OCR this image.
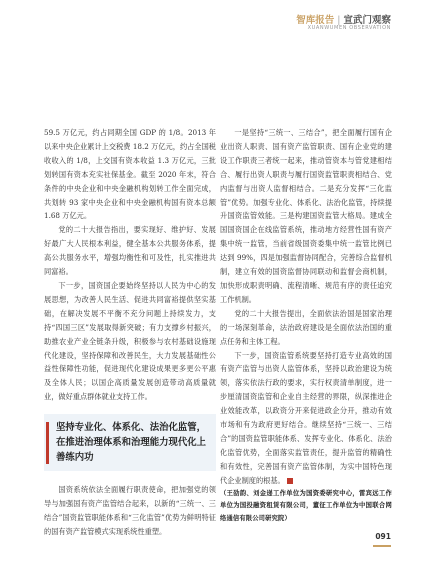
智库报告 | 宣武门观察
XUANWUMEN OBSERVATION

59.5 万亿元，约占同期全国 GDP 的 1/8。2013 年以来中央企业累计上交税费 18.2 万亿元，约占全国税收收入的 1/8，上交国有资本收益 1.3 万亿元，三批划转国有资本充实社保基金。截至 2020 年末，符合条件的中央企业和中央金融机构划转工作全面完成，共划转 93 家中央企业和中央金融机构国有资本总额 1.68 万亿元。

党的二十大报告指出，要实现好、维护好、发展好最广大人民根本利益，健全基本公共服务体系，提高公共服务水平，增强均衡性和可及性，扎实推进共同富裕。

下一步，国资国企要始终坚持以人民为中心的发展思想，为改善人民生活、促进共同富裕提供坚实基础，在解决发展不平衡不充分问题上持续发力，支持“四国三区”发展取得新突破；有力支撑乡村振兴，助推农业产业全链条升级，积极参与农村基础设施现代化建设，坚持保障和改善民生，大力发展基础性公益性保障性功能，促进现代化建设成果更多更公平惠及全体人民；以国企高质量发展创造带动高质量就业，做好重点群体就业支持工作。

坚持专业化、体系化、法治化监管，在推进治理体系和治理能力现代化上善练内功

国资系统依法全面履行职责使命，把加强党的领导与加强国有资产监管结合起来，以新的“三统一、三结合”国资监管职能体系和“三化监管”优势为鲜明特征的国有资产监管模式实现系统性重塑。

一是坚持“三统一、三结合”，把全面履行国有企业出资人职责、国有资产监管职责、国有企业党的建设工作职责三者统一起来，推动管资本与管党建相结合、履行出资人职责与履行国资监管职责相结合、党内监督与出资人监督相结合。二是充分发挥“三化监管”优势。加强专业化、体系化、法治化监管，持续提升国资监管效能。三是构建国资监管大格局。建成全国国资国企在线监管系统，推动地方经营性国有资产集中统一监管，当前省级国资委集中统一监管比例已达到 99%，四是加强监督协同配合，完善综合监督机制，建立有效的国资监督协同联动和监督会商机制，加快形成职责明确、流程清晰、规范有序的责任追究工作机制。

党的二十大报告提出，全面依法治国是国家治理的一场深刻革命，法治政府建设是全面依法治国的重点任务和主体工程。

下一步，国资监管系统要坚持打造专业高效的国有资产监管与出资人监管体系，坚持以政治建设为统领，落实依法行政的要求，实行权责清单制度，进一步厘清国资监管和企业自主经营的界限，纵深推进企业效能改革，以政资分开来促进政企分开，推动有效市场和有为政府更好结合。继续坚持“三统一、三结合”的国资监管职能体系、发挥专业化、体系化、法治化监管优势，全面落实监管责任，提升监管的精确性和有效性，完善国有资产监管体制，为实中国特色现代企业制度的根基。

（王劭韵、刘金递工作单位为国资委研究中心，雷宾远工作单位为国投融资租赁有限公司，董征工作单位为中国联合网络通信有限公司研究院）

091
